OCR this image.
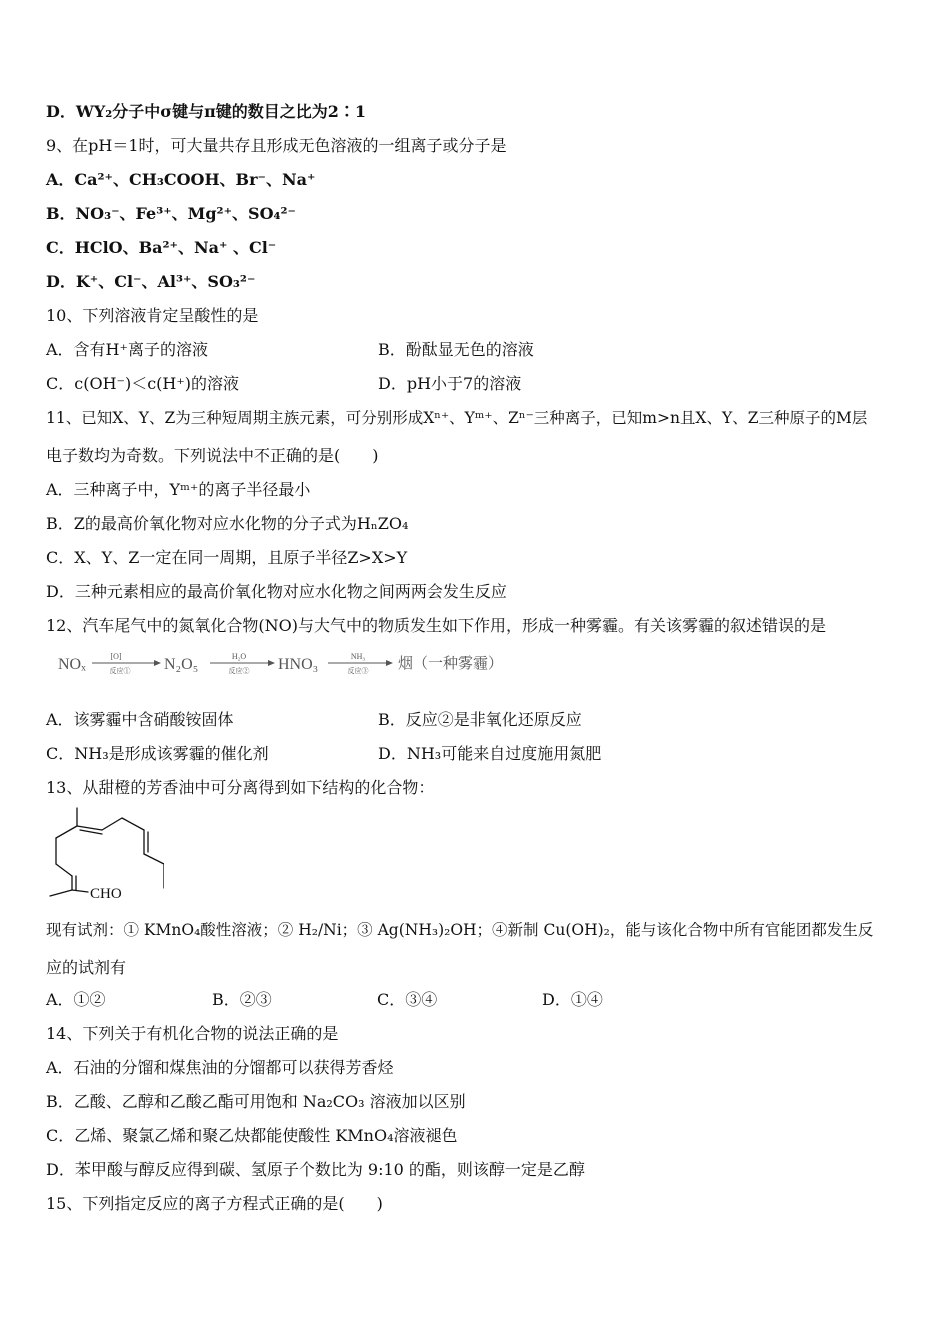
D．WY₂分子中σ键与π键的数目之比为2∶1
9、在pH＝1时，可大量共存且形成无色溶液的一组离子或分子是
A．Ca²⁺、CH₃COOH、Br⁻、Na⁺
B．NO₃⁻、Fe³⁺、Mg²⁺、SO₄²⁻
C．HClO、Ba²⁺、Na⁺ 、Cl⁻
D．K⁺、Cl⁻、Al³⁺、SO₃²⁻
10、下列溶液肯定呈酸性的是
A．含有H⁺离子的溶液	B．酚酞显无色的溶液
C．c(OH⁻)＜c(H⁺)的溶液	D．pH小于7的溶液
11、已知X、Y、Z为三种短周期主族元素，可分别形成Xⁿ⁺、Yᵐ⁺、Zⁿ⁻三种离子，已知m>n且X、Y、Z三种原子的M层
电子数均为奇数。下列说法中不正确的是(　　)
A．三种离子中，Yᵐ⁺的离子半径最小
B．Z的最高价氧化物对应水化物的分子式为HₙZO₄
C．X、Y、Z一定在同一周期，且原子半径Z>X>Y
D．三种元素相应的最高价氧化物对应水化物之间两两会发生反应
12、汽车尾气中的氮氧化合物(NO)与大气中的物质发生如下作用，形成一种雾霾。有关该雾霾的叙述错误的是
NOₓ	[O]
反应① N₂O₅	H₂O
反应② HNO₃	NH₃
反应③ 烟（一种雾霾）
A．该雾霾中含硝酸铵固体	B．反应②是非氧化还原反应
C．NH₃是形成该雾霾的催化剂	D．NH₃可能来自过度施用氮肥
13、从甜橙的芳香油中可分离得到如下结构的化合物：
CHO
现有试剂：① KMnO₄酸性溶液；② H₂/Ni；③ Ag(NH₃)₂OH；④新制 Cu(OH)₂，能与该化合物中所有官能团都发生反
应的试剂有
A．①②	B．②③	C．③④	D．①④
14、下列关于有机化合物的说法正确的是
A．石油的分馏和煤焦油的分馏都可以获得芳香烃
B．乙酸、乙醇和乙酸乙酯可用饱和 Na₂CO₃ 溶液加以区别
C．乙烯、聚氯乙烯和聚乙炔都能使酸性 KMnO₄溶液褪色
D．苯甲酸与醇反应得到碳、氢原子个数比为 9:10 的酯，则该醇一定是乙醇
15、下列指定反应的离子方程式正确的是(　　)
